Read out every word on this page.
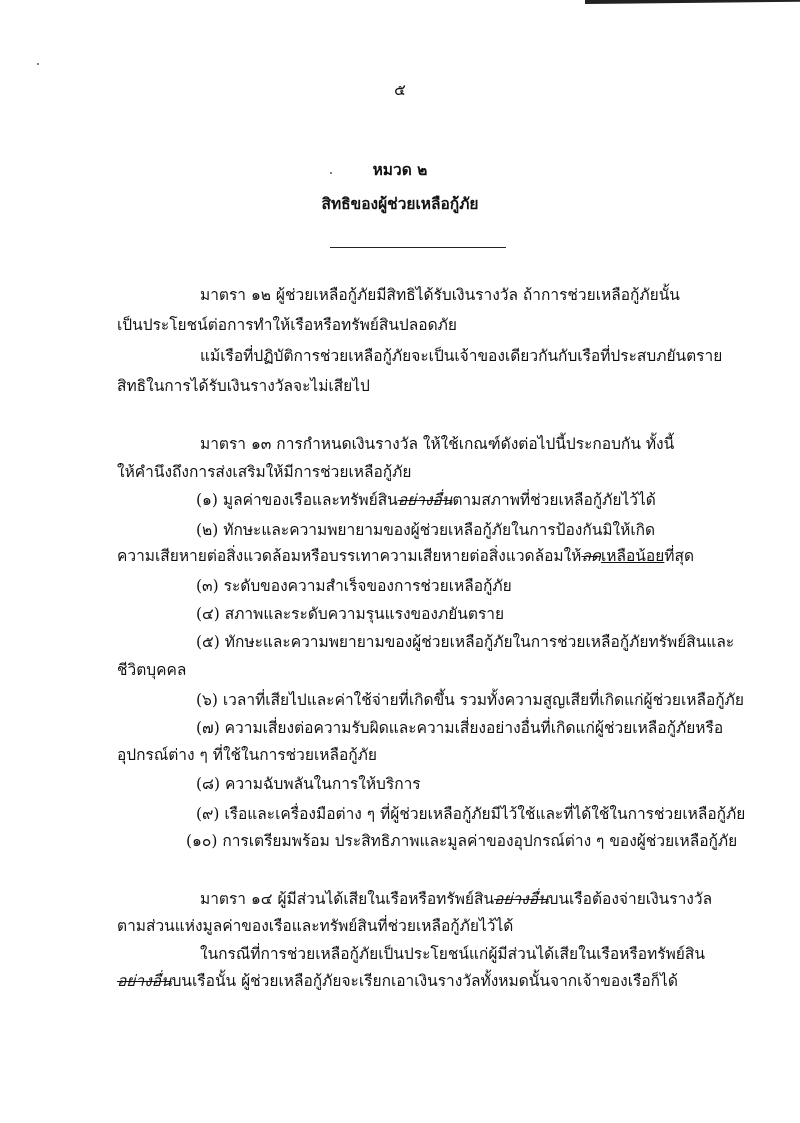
๕
หมวด ๒
สิทธิของผู้ช่วยเหลือกู้ภัย
มาตรา ๑๒ ผู้ช่วยเหลือกู้ภัยมีสิทธิได้รับเงินรางวัล ถ้าการช่วยเหลือกู้ภัยนั้น
เป็นประโยชน์ต่อการทำให้เรือหรือทรัพย์สินปลอดภัย
แม้เรือที่ปฏิบัติการช่วยเหลือกู้ภัยจะเป็นเจ้าของเดียวกันกับเรือที่ประสบภยันตราย
สิทธิในการได้รับเงินรางวัลจะไม่เสียไป
มาตรา ๑๓ การกำหนดเงินรางวัล ให้ใช้เกณฑ์ดังต่อไปนี้ประกอบกัน ทั้งนี้
ให้คำนึงถึงการส่งเสริมให้มีการช่วยเหลือกู้ภัย
(๑) มูลค่าของเรือและทรัพย์สินอย่างอื่นตามสภาพที่ช่วยเหลือกู้ภัยไว้ได้
(๒) ทักษะและความพยายามของผู้ช่วยเหลือกู้ภัยในการป้องกันมิให้เกิด
ความเสียหายต่อสิ่งแวดล้อมหรือบรรเทาความเสียหายต่อสิ่งแวดล้อมให้ลดเหลือน้อยที่สุด
(๓) ระดับของความสำเร็จของการช่วยเหลือกู้ภัย
(๔) สภาพและระดับความรุนแรงของภยันตราย
(๕) ทักษะและความพยายามของผู้ช่วยเหลือกู้ภัยในการช่วยเหลือกู้ภัยทรัพย์สินและ
ชีวิตบุคคล
(๖) เวลาที่เสียไปและค่าใช้จ่ายที่เกิดขึ้น รวมทั้งความสูญเสียที่เกิดแก่ผู้ช่วยเหลือกู้ภัย
(๗) ความเสี่ยงต่อความรับผิดและความเสี่ยงอย่างอื่นที่เกิดแก่ผู้ช่วยเหลือกู้ภัยหรือ
อุปกรณ์ต่าง ๆ ที่ใช้ในการช่วยเหลือกู้ภัย
(๘) ความฉับพลันในการให้บริการ
(๙) เรือและเครื่องมือต่าง ๆ ที่ผู้ช่วยเหลือกู้ภัยมีไว้ใช้และที่ได้ใช้ในการช่วยเหลือกู้ภัย
(๑๐) การเตรียมพร้อม ประสิทธิภาพและมูลค่าของอุปกรณ์ต่าง ๆ ของผู้ช่วยเหลือกู้ภัย
มาตรา ๑๔ ผู้มีส่วนได้เสียในเรือหรือทรัพย์สินอย่างอื่นบนเรือต้องจ่ายเงินรางวัล
ตามส่วนแห่งมูลค่าของเรือและทรัพย์สินที่ช่วยเหลือกู้ภัยไว้ได้
ในกรณีที่การช่วยเหลือกู้ภัยเป็นประโยชน์แก่ผู้มีส่วนได้เสียในเรือหรือทรัพย์สิน
อย่างอื่นบนเรือนั้น ผู้ช่วยเหลือกู้ภัยจะเรียกเอาเงินรางวัลทั้งหมดนั้นจากเจ้าของเรือก็ได้
